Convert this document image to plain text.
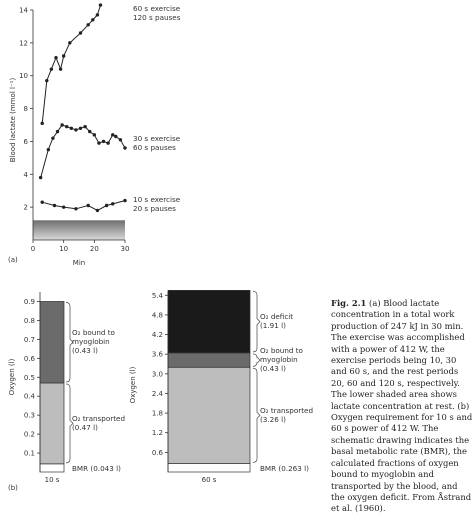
2
4
6
8
10
12
14
0	10	20	30
60 s exercise
120 s pauses
30 s exercise
60 s pauses
10 s exercise
20 s pauses
Min
Blood lactate (mmol l⁻¹)
(a)
0.1
0.2
0.3
0.4
0.5
0.6
0.7
0.8
0.9
BMR (0.043 l)
O₂ transported
(0.47 l)
O₂ bound to
myoglobin
(0.43 l)
10 s
Oxygen (l)
(b)
0.6
1.2
1.8
2.4
3.0
3.6
4.2
4.8
5.4
BMR (0.263 l)
O₂ transported
(3.26 l)
O₂ bound to
myoglobin
(0.43 l)
O₂ deficit
(1.91 l)
60 s
Oxygen (l)
Fig. 2.1 (a) Blood lactate concentration in a total work production of 247 kJ in 30 min. The exercise was accomplished with a power of 412 W, the exercise periods being 10, 30 and 60 s, and the rest periods 20, 60 and 120 s, respectively. The lower shaded area shows lactate concentration at rest. (b) Oxygen requirement for 10 s and 60 s power of 412 W. The schematic drawing indicates the basal metabolic rate (BMR), the calculated fractions of oxygen bound to myoglobin and transported by the blood, and the oxygen deficit. From Åstrand et al. (1960).
